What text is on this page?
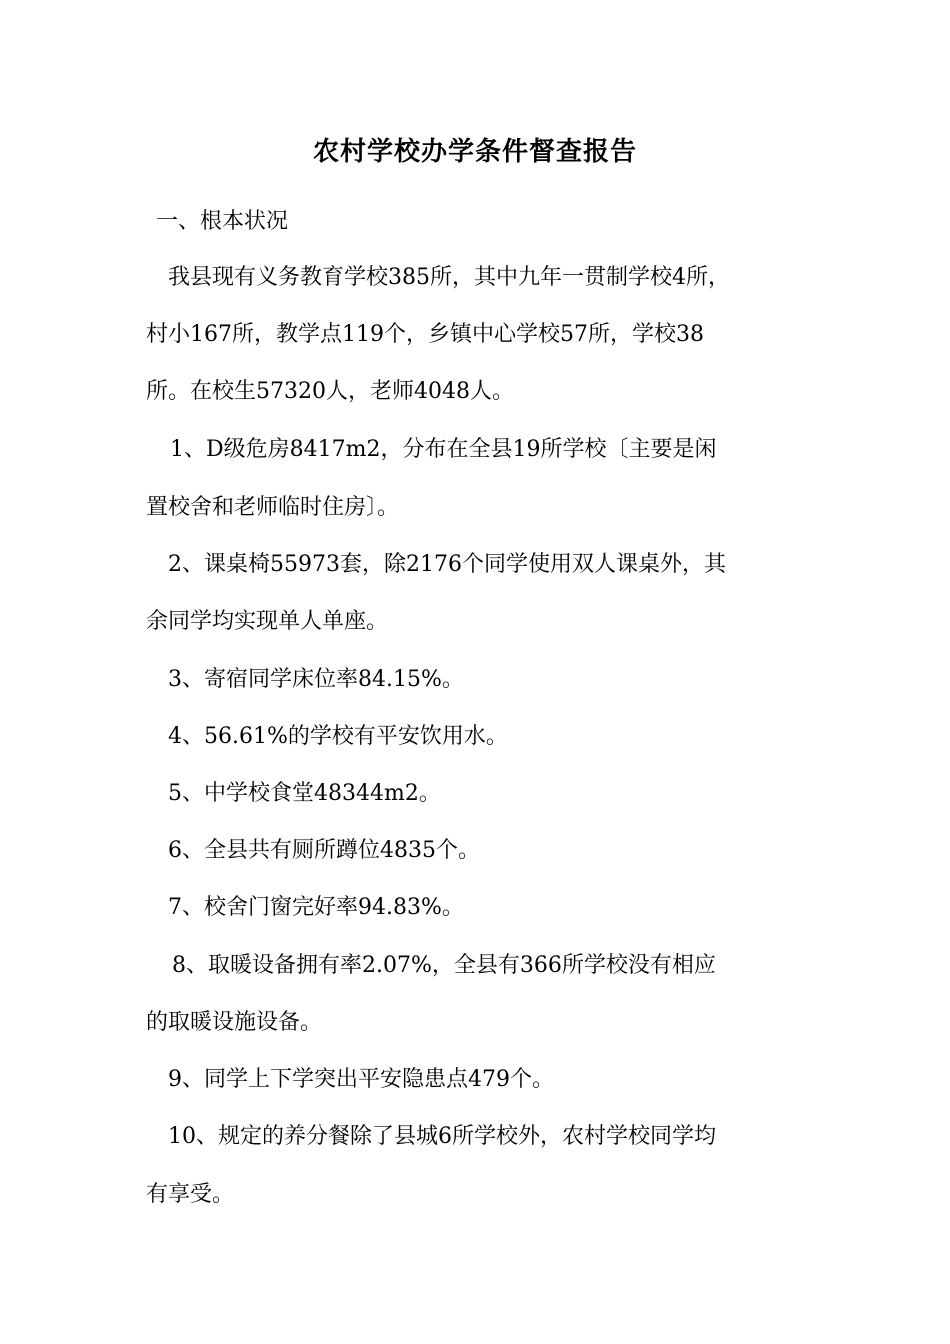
农村学校办学条件督查报告
一、根本状况
我县现有义务教育学校385所，其中九年一贯制学校4所，
村小167所，教学点119个，乡镇中心学校57所，学校38
所。在校生57320人，老师4048人。
1、D级危房8417m2，分布在全县19所学校〔主要是闲
置校舍和老师临时住房〕。
2、课桌椅55973套，除2176个同学使用双人课桌外，其
余同学均实现单人单座。
3、寄宿同学床位率84.15%。
4、56.61%的学校有平安饮用水。
5、中学校食堂48344m2。
6、全县共有厕所蹲位4835个。
7、校舍门窗完好率94.83%。
8、取暖设备拥有率2.07%，全县有366所学校没有相应
的取暖设施设备。
9、同学上下学突出平安隐患点479个。
10、规定的养分餐除了县城6所学校外，农村学校同学均
有享受。
